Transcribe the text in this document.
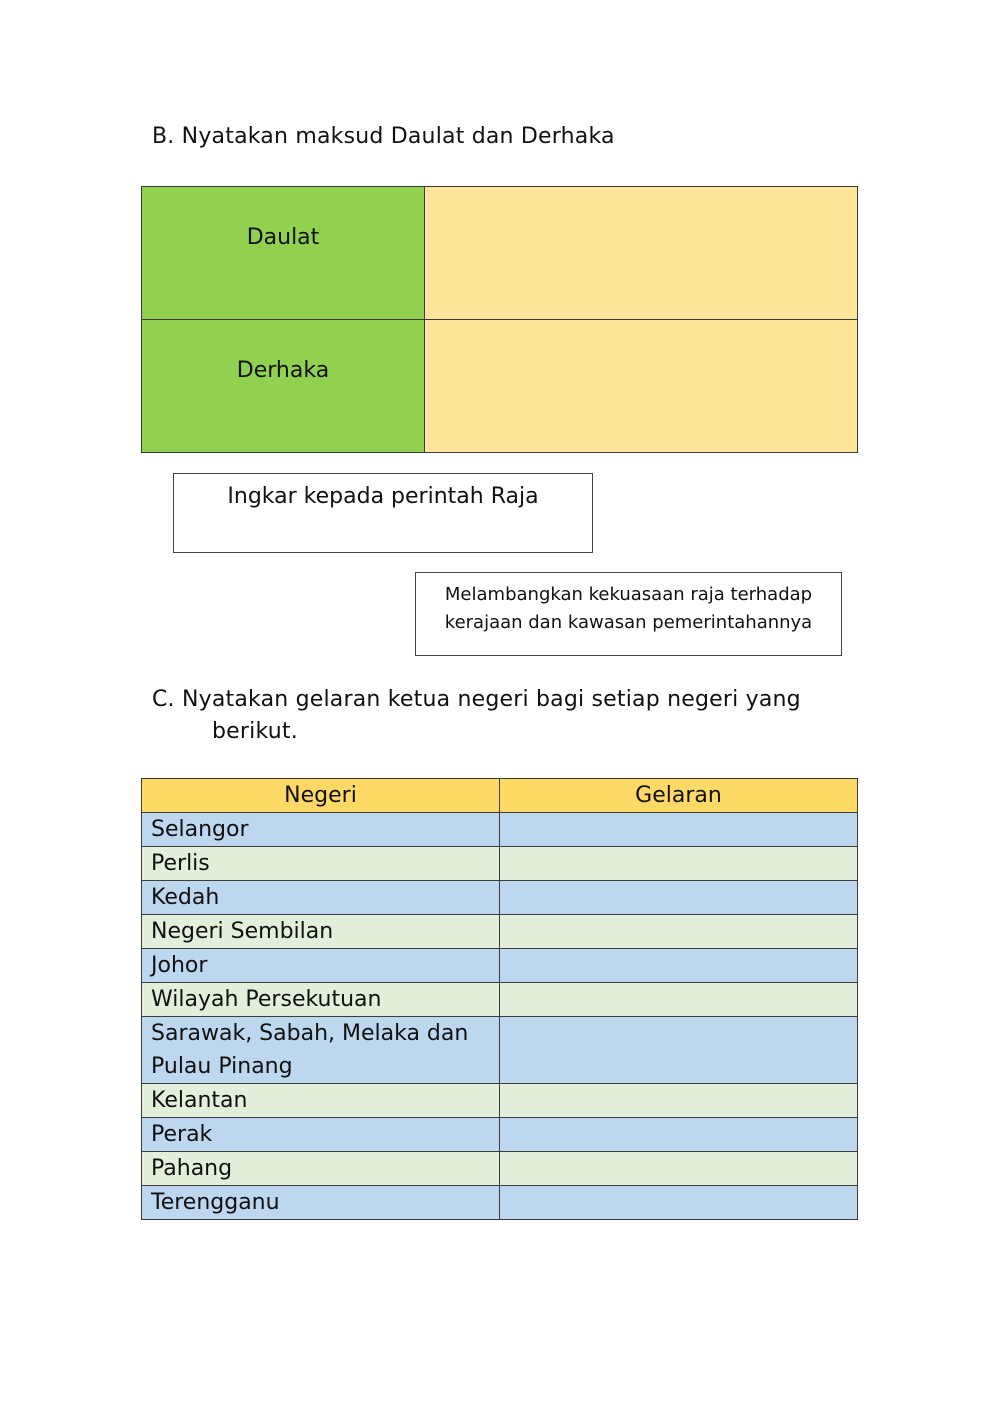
B. Nyatakan maksud Daulat dan Derhaka
Daulat	
Derhaka	
Ingkar kepada perintah Raja
Melambangkan kekuasaan raja terhadap
kerajaan dan kawasan pemerintahannya
C. Nyatakan gelaran ketua negeri bagi setiap negeri yang
berikut.
Negeri	Gelaran
Selangor	
Perlis	
Kedah	
Negeri Sembilan	
Johor	
Wilayah Persekutuan	
Sarawak, Sabah, Melaka dan
Pulau Pinang	
Kelantan	
Perak	
Pahang	
Terengganu	
